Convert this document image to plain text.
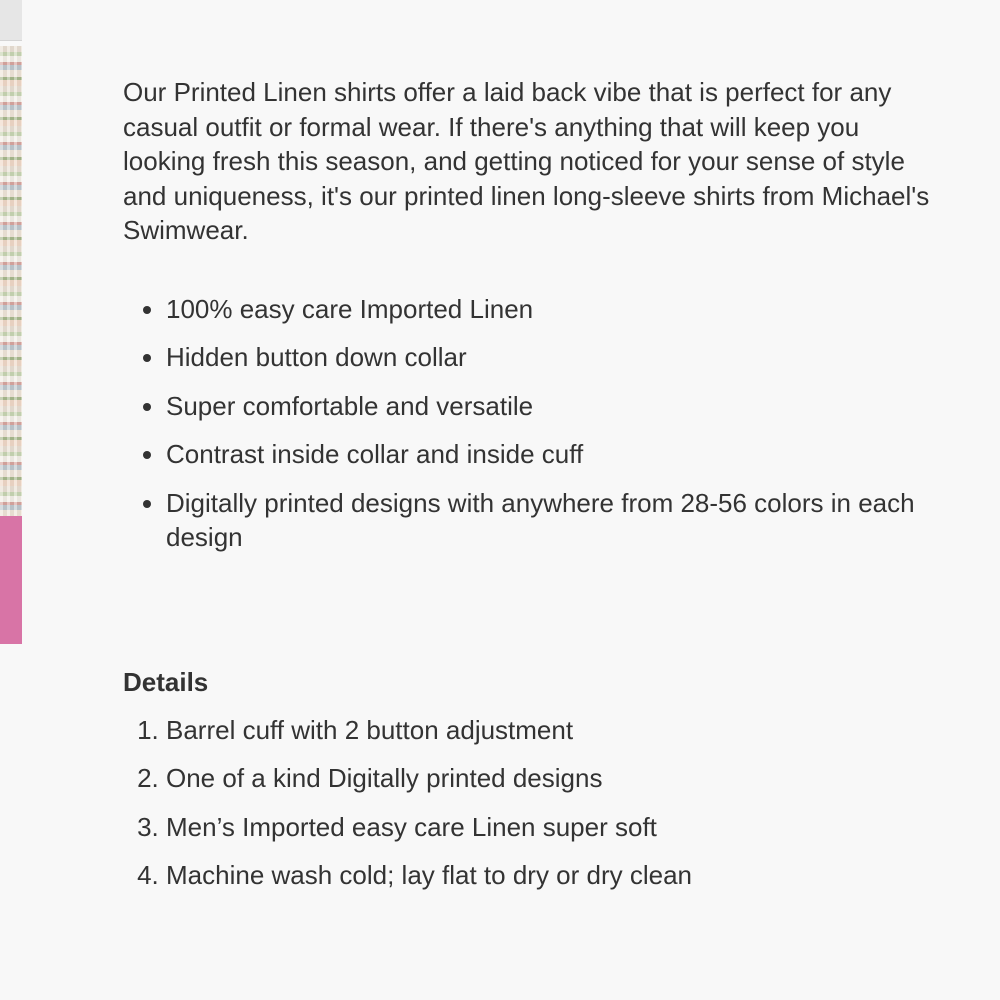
Our Printed Linen shirts offer a laid back vibe that is perfect for any casual outfit or formal wear. If there's anything that will keep you looking fresh this season, and getting noticed for your sense of style and uniqueness, it's our printed linen long-sleeve shirts from Michael's Swimwear.

• 100% easy care Imported Linen
• Hidden button down collar
• Super comfortable and versatile
• Contrast inside collar and inside cuff
• Digitally printed designs with anywhere from 28-56 colors in each design
Details
1. Barrel cuff with 2 button adjustment
2. One of a kind Digitally printed designs
3. Men’s Imported easy care Linen super soft
4. Machine wash cold; lay flat to dry or dry clean
